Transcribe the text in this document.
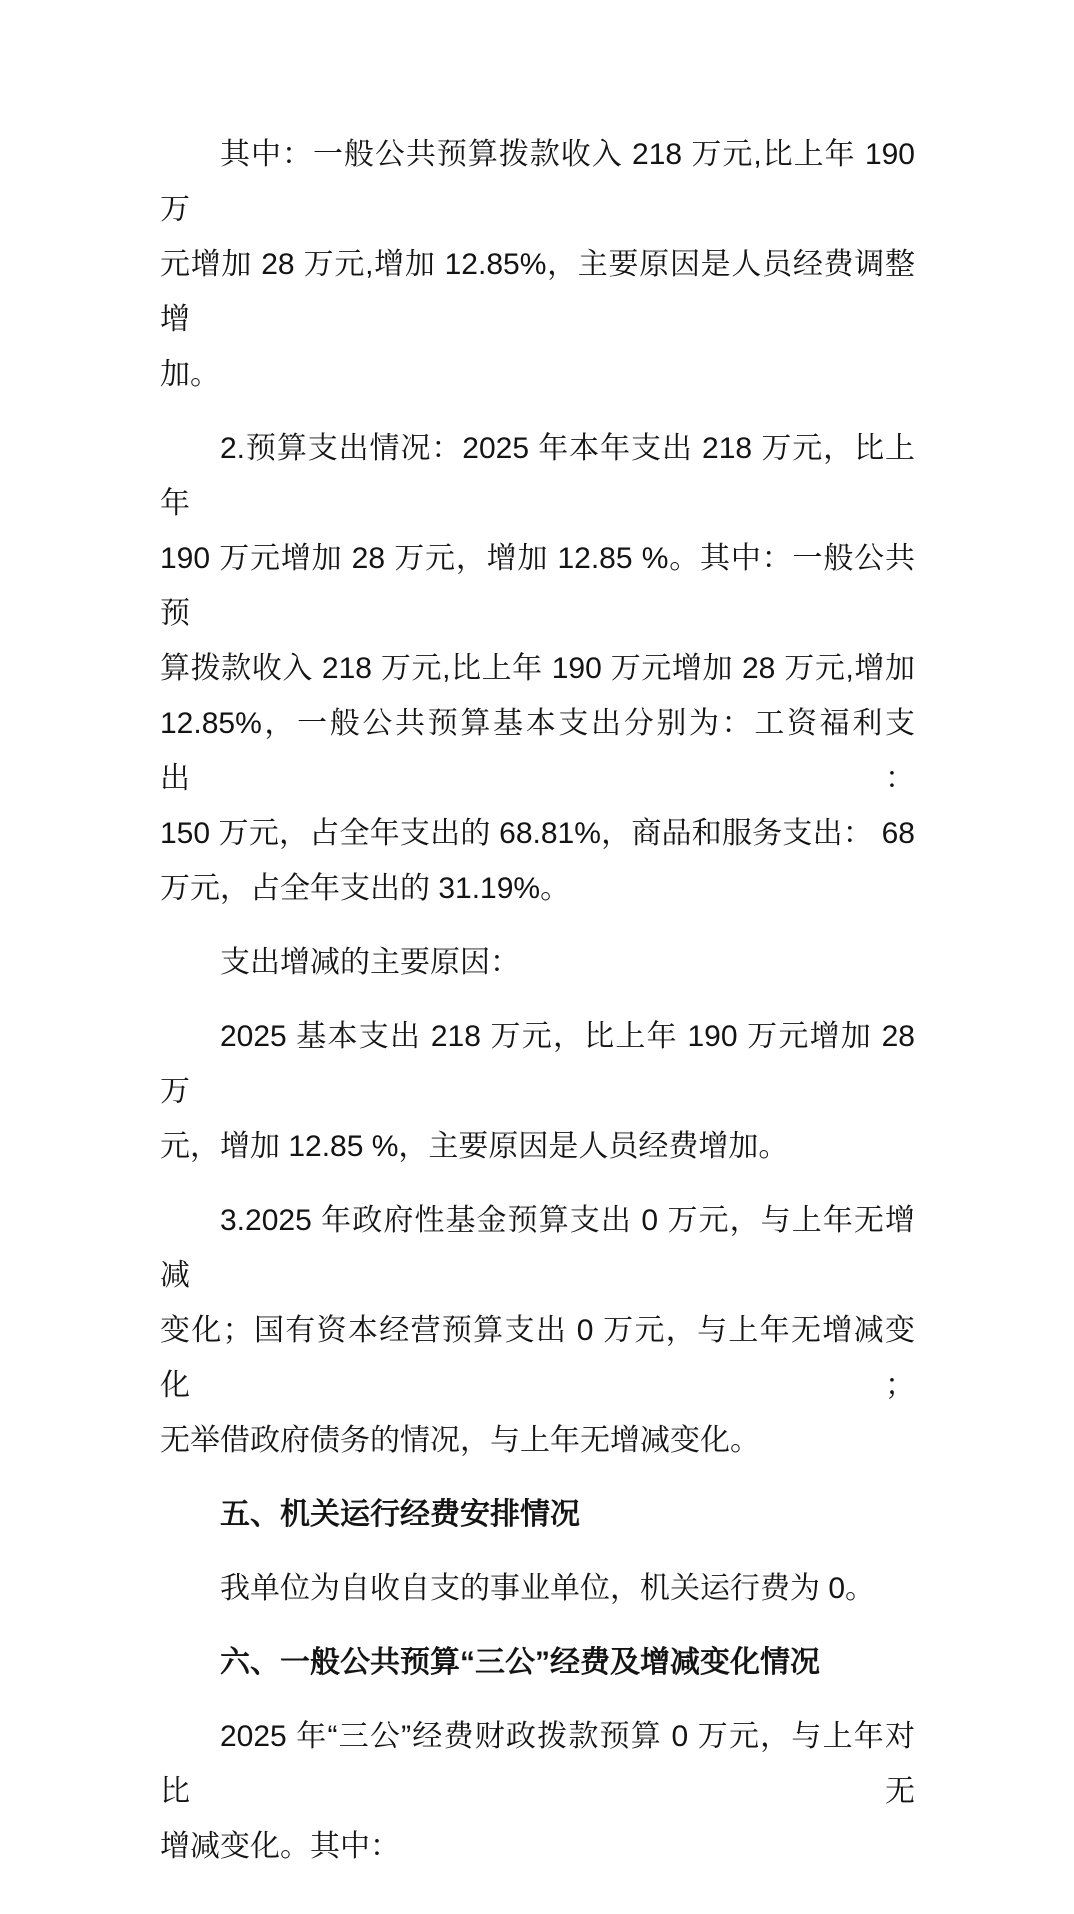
其中：一般公共预算拨款收入 218 万元,比上年 190 万
元增加 28 万元,增加 12.85%，主要原因是人员经费调整增
加。
2.预算支出情况：2025 年本年支出 218 万元，比上年
190 万元增加 28 万元，增加 12.85 %。其中：一般公共预
算拨款收入 218 万元,比上年 190 万元增加 28 万元,增加
12.85%，一般公共预算基本支出分别为：工资福利支出：
150 万元，占全年支出的 68.81%，商品和服务支出： 68
万元，占全年支出的 31.19%。
支出增减的主要原因：
2025 基本支出 218 万元，比上年 190 万元增加 28 万
元，增加 12.85 %，主要原因是人员经费增加。
3.2025 年政府性基金预算支出 0 万元，与上年无增减
变化；国有资本经营预算支出 0 万元，与上年无增减变化；
无举借政府债务的情况，与上年无增减变化。
五、机关运行经费安排情况
我单位为自收自支的事业单位，机关运行费为 0。
六、一般公共预算“三公”经费及增减变化情况
2025 年“三公”经费财政拨款预算 0 万元，与上年对比无
增减变化。其中：
